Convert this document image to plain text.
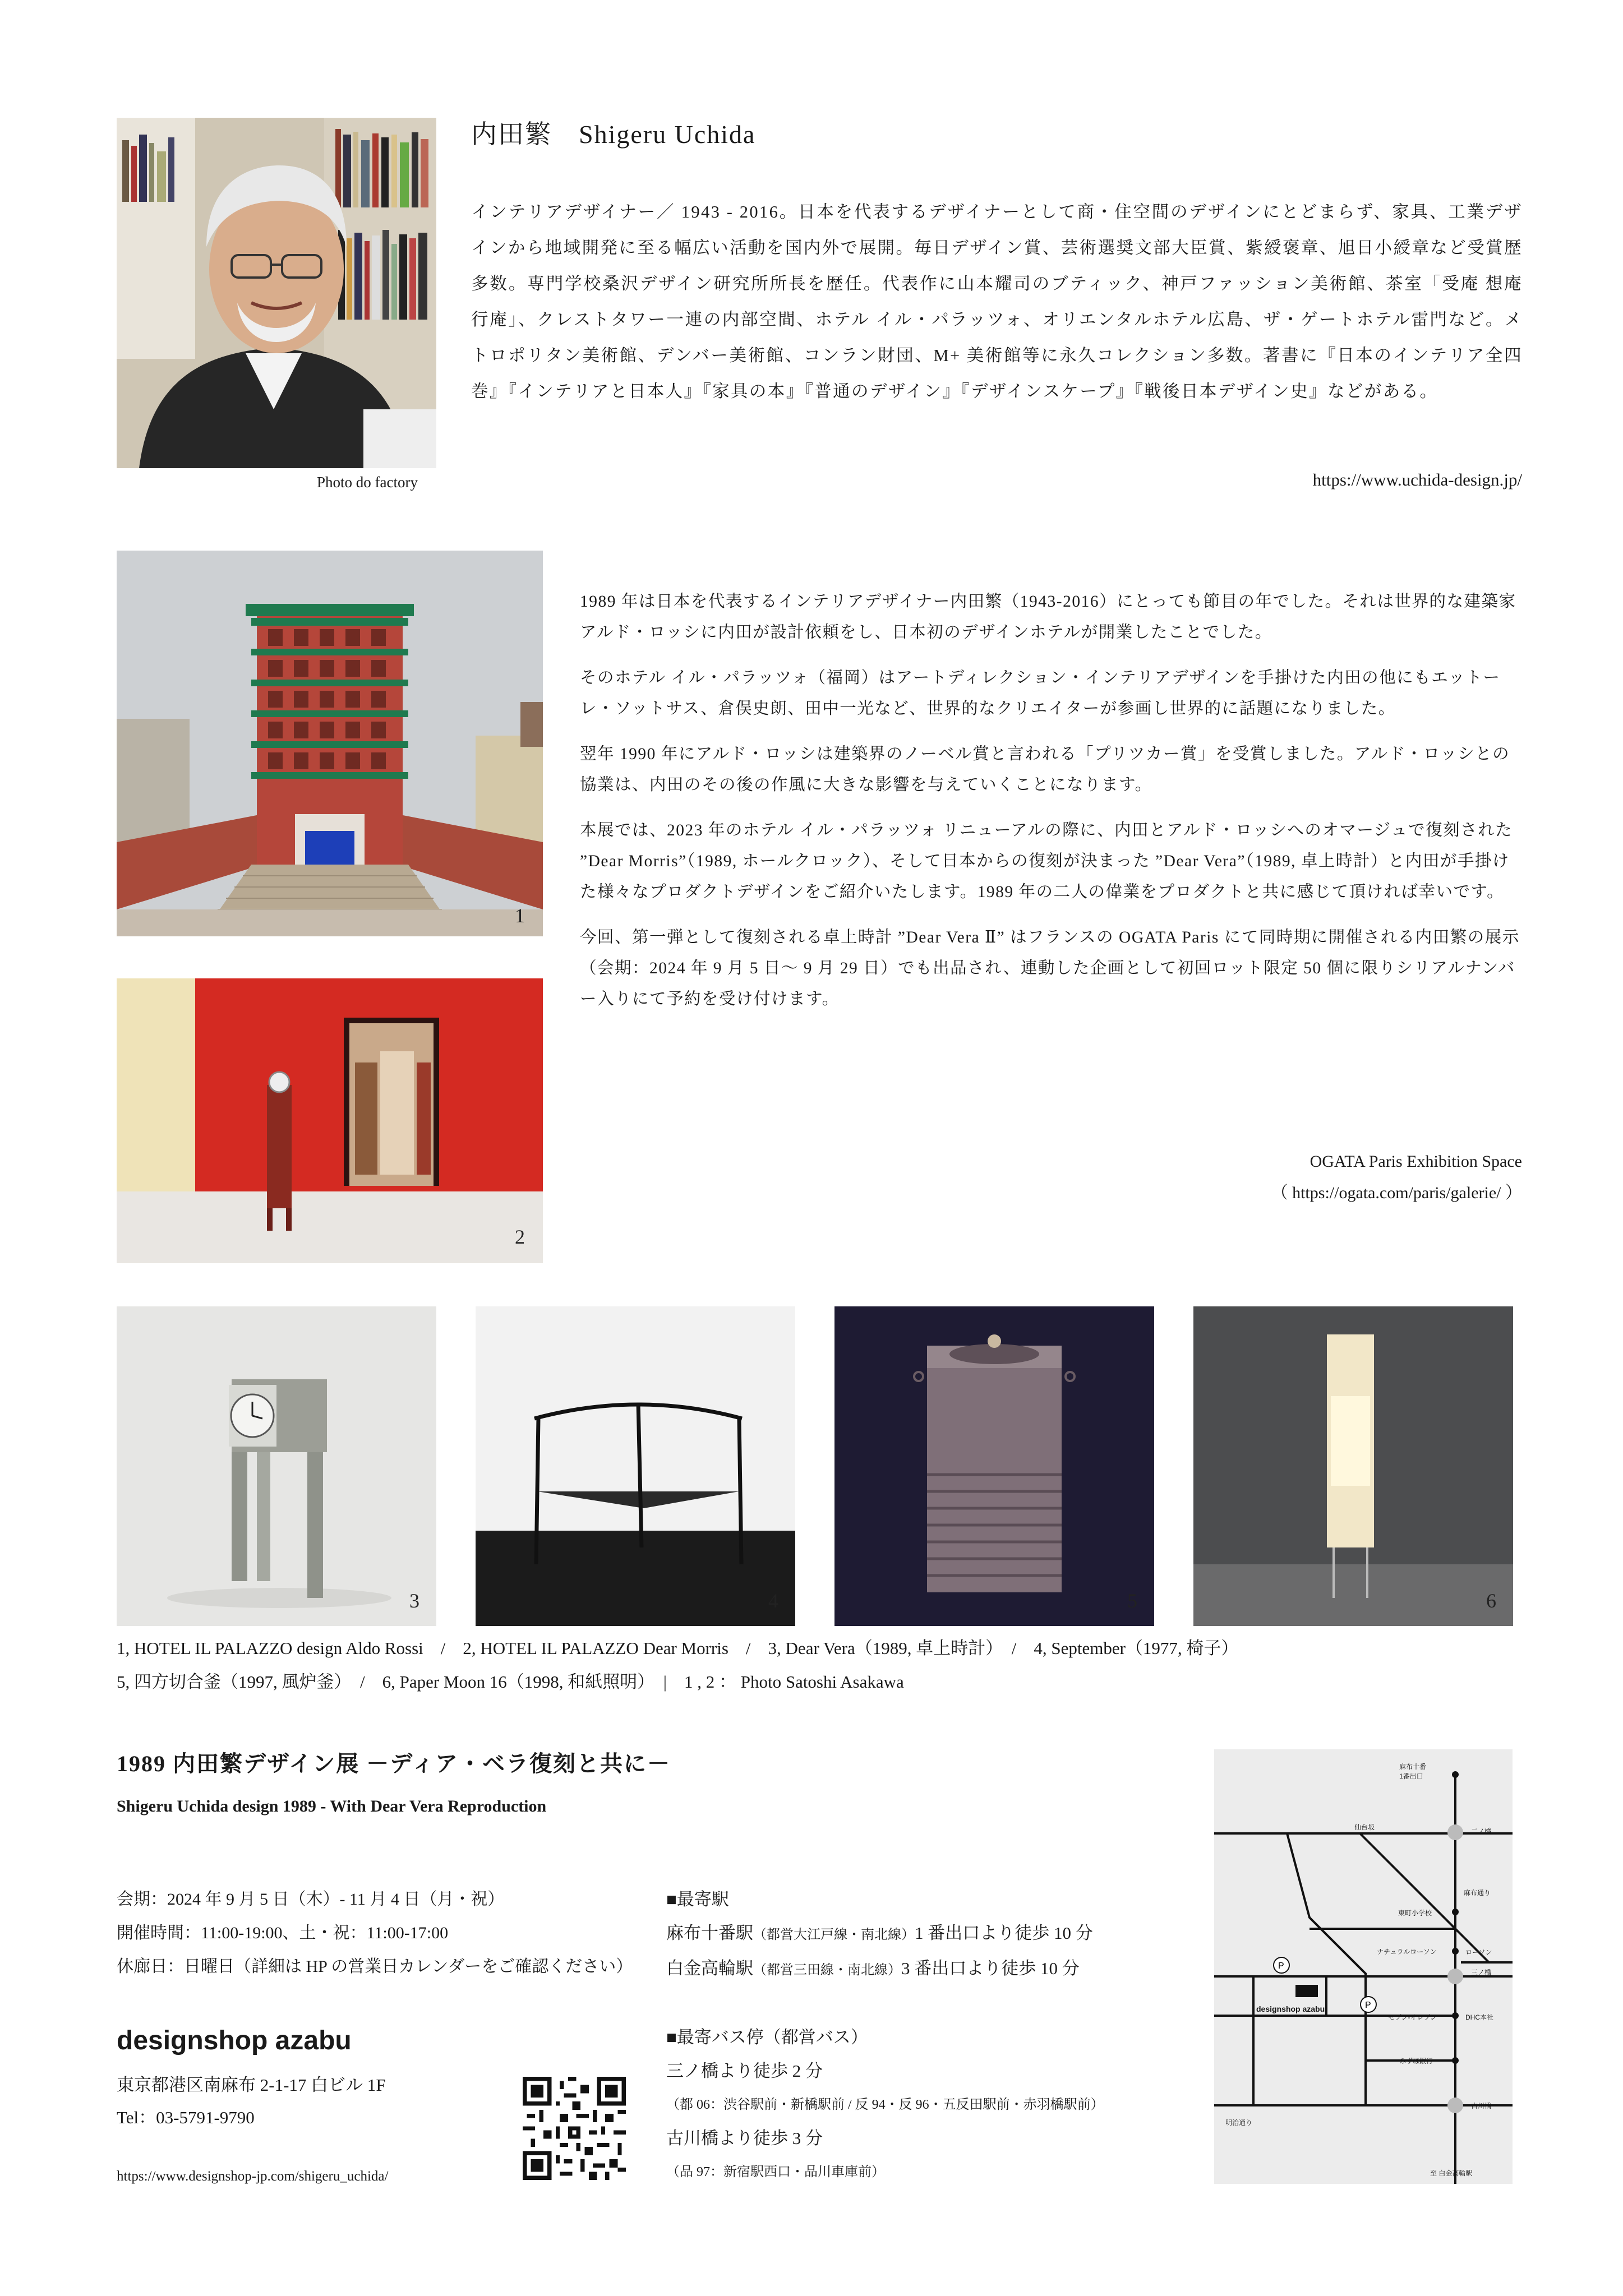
Photo do factory
内田繁　Shigeru Uchida
インテリアデザイナー／ 1943 - 2016。日本を代表するデザイナーとして商・住空間のデザインにとどまらず、家具、工業デザインから地域開発に至る幅広い活動を国内外で展開。毎日デザイン賞、芸術選奨文部大臣賞、紫綬褒章、旭日小綬章など受賞歴多数。専門学校桑沢デザイン研究所所長を歴任。代表作に山本耀司のブティック、神戸ファッション美術館、茶室「受庵 想庵 行庵」、クレストタワー一連の内部空間、ホテル イル・パラッツォ、オリエンタルホテル広島、ザ・ゲートホテル雷門など。メトロポリタン美術館、デンバー美術館、コンラン財団、M+ 美術館等に永久コレクション多数。著書に『日本のインテリア全四巻』『インテリアと日本人』『家具の本』『普通のデザイン』『デザインスケープ』『戦後日本デザイン史』などがある。
https://www.uchida-design.jp/
1
2

1989 年は日本を代表するインテリアデザイナー内田繁（1943-2016）にとっても節目の年でした。それは世界的な建築家アルド・ロッシに内田が設計依頼をし、日本初のデザインホテルが開業したことでした。

そのホテル イル・パラッツォ（福岡）はアートディレクション・インテリアデザインを手掛けた内田の他にもエットーレ・ソットサス、倉俣史朗、田中一光など、世界的なクリエイターが参画し世界的に話題になりました。

翌年 1990 年にアルド・ロッシは建築界のノーベル賞と言われる「プリツカー賞」を受賞しました。アルド・ロッシとの協業は、内田のその後の作風に大きな影響を与えていくことになります。

本展では、2023 年のホテル イル・パラッツォ リニューアルの際に、内田とアルド・ロッシへのオマージュで復刻された ”Dear Morris”（1989, ホールクロック）、そして日本からの復刻が決まった ”Dear Vera”（1989, 卓上時計）と内田が手掛けた様々なプロダクトデザインをご紹介いたします。1989 年の二人の偉業をプロダクトと共に感じて頂ければ幸いです。

今回、第一弾として復刻される卓上時計 ”Dear Vera Ⅱ” はフランスの OGATA Paris にて同時期に開催される内田繁の展示（会期：2024 年 9 月 5 日〜 9 月 29 日）でも出品され、連動した企画として初回ロット限定 50 個に限りシリアルナンバー入りにて予約を受け付けます。

OGATA Paris Exhibition Space
（ https://ogata.com/paris/galerie/ ）
3	4	5	6
1, HOTEL IL PALAZZO design Aldo Rossi　/　2, HOTEL IL PALAZZO Dear Morris　/　3, Dear Vera（1989, 卓上時計）　/　4, September（1977, 椅子）
5, 四方切合釜（1997, 風炉釜）　/　6, Paper Moon 16（1998, 和紙照明）　|　1 , 2 ： Photo Satoshi Asakawa
1989 内田繁デザイン展 －ディア・ベラ復刻と共に－
Shigeru Uchida design 1989 - With Dear Vera Reproduction
会期：2024 年 9 月 5 日（木）- 11 月 4 日（月・祝）
開催時間：11:00-19:00、土・祝：11:00-17:00
休廊日：日曜日（詳細は HP の営業日カレンダーをご確認ください）
designshop azabu
東京都港区南麻布 2-1-17 白ビル 1F
Tel：03-5791-9790
https://www.designshop-jp.com/shigeru_uchida/
■最寄駅
麻布十番駅（都営大江戸線・南北線）1 番出口より徒歩 10 分
白金高輪駅（都営三田線・南北線）3 番出口より徒歩 10 分
■最寄バス停（都営バス）
三ノ橋より徒歩 2 分
（都 06：渋谷駅前・新橋駅前 / 反 94・反 96・五反田駅前・赤羽橋駅前）
古川橋より徒歩 3 分
（品 97：新宿駅西口・品川車庫前）
P
P
麻布十番
1番出口
仙台坂	二ノ橋
麻布通り
東町小学校
ナチュラルローソン	ローソン
三ノ橋
designshop azabu
セブン-イレブン	DHC本社
みずほ銀行
明治通り
古川橋
至 白金高輪駅
